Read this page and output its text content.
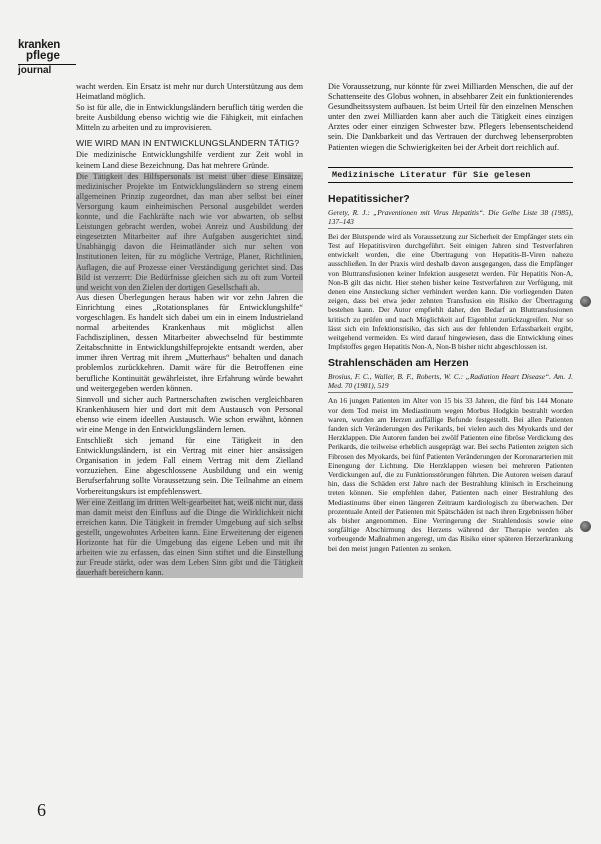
kranken
pflege
journal

wacht werden. Ein Ersatz ist mehr nur durch Unterstützung aus dem Heimatland möglich.

So ist für alle, die in Entwicklungsländern beruflich tätig werden die breite Ausbildung ebenso wichtig wie die Fähigkeit, mit einfachen Mitteln zu arbeiten und zu improvisieren.

WIE WIRD MAN IN ENTWICKLUNGSLÄNDERN TÄTIG?

Die medizinische Entwicklungshilfe verdient zur Zeit wohl in keinem Land diese Bezeichnung. Das hat mehrere Gründe.

Die Tätigkeit des Hilfspersonals ist meist über diese Einsätze, medizinischer Projekte im Entwicklungsländern so streng einem allgemeinen Prinzip zugeordnet, das man aber selbst bei einer Versorgung kaum einheimischen Personal ausgebildet werden konnte, und die Fachkräfte nach wie vor abwarten, ob selbst Leistungen gebracht werden, wobei Anreiz und Ausbildung der eingesetzten Mitarbeiter auf ihre Aufgaben ausgerichtet sind. Unabhängig davon die Heimatländer sich nur selten von Institutionen leiten, für zu mögliche Verträge, Planer, Richtlinien, Auflagen, die auf Prozesse einer Verständigung gerichtet sind. Das Bild ist verzerrt: Die Bedürfnisse gleichen sich zu oft zum Vorteil und weicht von den Zielen der dortigen Gesellschaft ab.

Aus diesen Überlegungen heraus haben wir vor zehn Jahren die Einrichtung eines „Rotationsplanes für Entwicklungshilfe“ vorgeschlagen. Es handelt sich dabei um ein in einem Industrieland normal arbeitendes Krankenhaus mit möglichst allen Fachdisziplinen, dessen Mitarbeiter abwechselnd für bestimmte Zeitabschnitte in Entwicklungshilfeprojekte entsandt werden, aber immer ihren Vertrag mit ihrem „Mutterhaus“ behalten und danach problemlos zurückkehren. Damit wäre für die Betroffenen eine berufliche Kontinuität gewährleistet, ihre Erfahrung würde bewahrt und weitergegeben werden können.

Sinnvoll und sicher auch Partnerschaften zwischen vergleichbaren Krankenhäusern hier und dort mit dem Austausch von Personal ebenso wie einem ideellen Austausch. Wie schon erwähnt, können wir eine Menge in den Entwicklungsländern lernen.

Entschließt sich jemand für eine Tätigkeit in den Entwicklungsländern, ist ein Vertrag mit einer hier ansässigen Organisation in jedem Fall einem Vertrag mit dem Zielland vorzuziehen. Eine abgeschlossene Ausbildung und ein wenig Berufserfahrung sollte Voraussetzung sein. Die Teilnahme an einem Vorbereitungskurs ist empfehlenswert.

Wer eine Zeitlang im dritten Welt-gearbeitet hat, weiß nicht nur, dass man damit meist den Einfluss auf die Dinge die Wirklichkeit nicht erreichen kann. Die Tätigkeit in fremder Umgebung auf sich selbst gestellt, ungewohntes Arbeiten kann. Eine Erweiterung der eigenen Horizonte hat für die Umgebung das eigene Leben und mit ihr arbeiten wie zu erfassen, das einen Sinn stiftet und die Einstellung zur Freude stärkt, oder was dem Leben Sinn gibt und die Tätigkeit dauerhaft bereichern kann.

Die Voraussetzung, nur könnte für zwei Milliarden Menschen, die auf der Schattenseite des Globus wohnen, in absehbarer Zeit ein funktionierendes Gesundheitssystem aufbauen. Ist beim Urteil für den einzelnen Menschen unter den zwei Milliarden kann aber auch die Tätigkeit eines einzigen Arztes oder einer einzigen Schwester bzw. Pflegers lebensentscheidend sein. Die Dankbarkeit und das Vertrauen der durchweg lebenserprobten Patienten wiegen die Schwierigkeiten bei der Arbeit dort reichlich auf.

Medizinische Literatur für Sie gelesen
Hepatitissicher?
Gerety, R. J.: „Praventionen mit Virus Hepatitis“. Die Gelbe Liste 38 (1985), 137–143

Bei der Blutspende wird als Voraussetzung zur Sicherheit der Empfänger stets ein Test auf Hepatitisviren durchgeführt. Seit einigen Jahren sind Testverfahren entwickelt worden, die eine Übertragung von Hepatitis-B-Viren nahezu ausschließen. In der Praxis wird deshalb davon ausgegangen, dass die Empfänger von Bluttransfusionen keiner Infektion ausgesetzt werden. Für Hepatitis Non-A, Non-B gilt das nicht. Hier stehen bisher keine Testverfahren zur Verfügung, mit denen eine Ansteckung sicher verhindert werden kann. Die vorliegenden Daten zeigen, dass bei etwa jeder zehnten Transfusion ein Risiko der Übertragung bestehen kann. Der Autor empfiehlt daher, den Bedarf an Bluttransfusionen kritisch zu prüfen und nach Möglichkeit auf Eigenblut zurückzugreifen. Nur so lässt sich ein Infektionsrisiko, das sich aus der fehlenden Erfassbarkeit ergibt, weitgehend vermeiden. Es wird darauf hingewiesen, dass die Entwicklung eines Impfstoffes gegen Hepatitis Non-A, Non-B bisher nicht abgeschlossen ist.

Strahlenschäden am Herzen
Brosius, F. C., Waller, B. F., Roberts, W. C.: „Radiation Heart Disease“. Am. J. Med. 70 (1981), 519

An 16 jungen Patienten im Alter von 15 bis 33 Jahren, die fünf bis 144 Monate vor dem Tod meist im Mediastinum wegen Morbus Hodgkin bestrahlt worden waren, wurden am Herzen auffällige Befunde festgestellt. Bei allen Patienten fanden sich Veränderungen des Perikards, bei vielen auch des Myokards und der Herzklappen. Die Autoren fanden bei zwölf Patienten eine fibröse Verdickung des Perikards, die teilweise erheblich ausgeprägt war. Bei sechs Patienten zeigten sich Fibrosen des Myokards, bei fünf Patienten Veränderungen der Koronararterien mit Einengung der Lichtung. Die Herzklappen wiesen bei mehreren Patienten Verdickungen auf, die zu Funktionsstörungen führten. Die Autoren weisen darauf hin, dass die Schäden erst Jahre nach der Bestrahlung klinisch in Erscheinung treten können. Sie empfehlen daher, Patienten nach einer Bestrahlung des Mediastinums über einen längeren Zeitraum kardiologisch zu überwachen. Der prozentuale Anteil der Patienten mit Spätschäden ist nach ihren Ergebnissen höher als bisher angenommen. Eine Verringerung der Strahlendosis sowie eine sorgfältige Abschirmung des Herzens während der Therapie werden als vorbeugende Maßnahmen angeregt, um das Risiko einer späteren Herzerkrankung bei den meist jungen Patienten zu senken.

6
